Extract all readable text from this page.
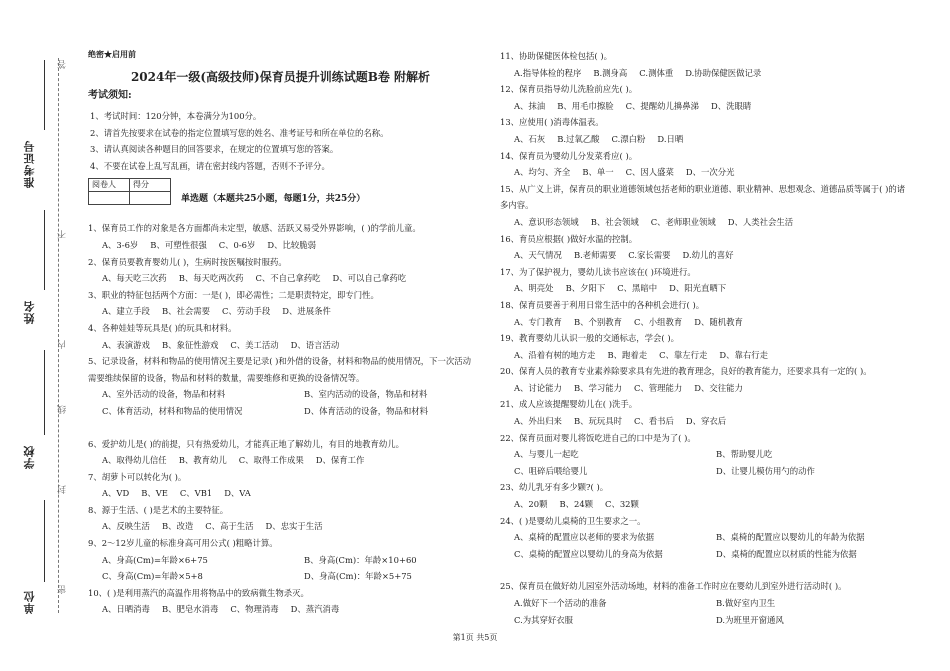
准考证号
姓名
学校
单位
答
不
内
线
封
密
绝密★启用前
2024年一级(高级技师)保育员提升训练试题B卷 附解析
考试须知:
1、考试时间：120分钟，本卷满分为100分。
2、请首先按要求在试卷的指定位置填写您的姓名、准考证号和所在单位的名称。
3、请认真阅读各种题目的回答要求，在规定的位置填写您的答案。
4、不要在试卷上乱写乱画，请在密封线内答题，否则不予评分。
阅卷人	得分

单选题（本题共25小题，每题1分，共25分）
1、保育员工作的对象是各方面都尚未定型，敏感、活跃又易受外界影响，( )的学前儿童。
A、3-6岁 B、可塑性很强 C、0-6岁 D、比较脆弱
2、保育员要教育婴幼儿( )，生病时按医嘱按时服药。
A、每天吃三次药 B、每天吃两次药 C、不自己拿药吃 D、可以自己拿药吃
3、职业的特征包括两个方面：一是( )，即必需性；二是职责特定，即专门性。
A、建立手段 B、社会需要 C、劳动手段 D、进展条件
4、各种娃娃等玩具是( )的玩具和材料。
A、表演游戏 B、象征性游戏 C、美工活动 D、语言活动
5、记录设备，材料和物品的使用情况主要是记录( )和外借的设备，材料和物品的使用情况，下一次活动需要维续保留的设备，物品和材料的数量，需要维修和更换的设备情况等。
A、室外活动的设备，物品和材料	B、室内活动的设备，物品和材料
C、体育活动，材料和物品的使用情况	D、体育活动的设备，物品和材料
6、爱护幼儿是( )的前提，只有热爱幼儿，才能真正地了解幼儿，有目的地教育幼儿。
A、取得幼儿信任 B、教育幼儿 C、取得工作成果 D、保育工作
7、胡萝卜可以转化为( )。
A、VD B、VE C、VB1 D、VA
8、源于生活、( )是艺术的主要特征。
A、反映生活 B、改造 C、高于生活 D、忠实于生活
9、2～12岁儿童的标准身高可用公式( )粗略计算。
A、身高(Cm)=年龄×6+75	B、身高(Cm)：年龄×10+60
C、身高(Cm)=年龄×5+8	D、身高(Cm)：年龄×5+75
10、( )是利用蒸汽的高温作用将物品中的致病微生物杀灭。
A、日晒消毒 B、肥皂水消毒 C、物理消毒 D、蒸汽消毒
11、协助保健医体检包括( )。
A.指导体检的程序 B.测身高 C.测体重 D.协助保健医做记录
12、保育员指导幼儿洗脸前应先( )。
A、抹油 B、用毛巾擦脸 C、提醒幼儿擤鼻涕 D、洗眼睛
13、应使用( )消毒体温表。
A、石灰 B.过氧乙酸 C.漂白粉 D.日晒
14、保育员为婴幼儿分发菜肴应( )。
A、均匀、齐全 B、单一 C、因人盛菜 D、一次分光
15、从广义上讲，保育员的职业道德领域包括老师的职业道德、职业精神、思想观念、道德品质等属于( )的诸多内容。
A、意识形态领域 B、社会领域 C、老师职业领域 D、人类社会生活
16、育员应根据( )做好水温的控制。
A、天气情况 B.老师需要 C.家长需要 D.幼儿的喜好
17、为了保护视力，婴幼儿读书应该在( )环境进行。
A、明亮处 B、夕阳下 C、黑暗中 D、阳光直晒下
18、保育员要善于利用日常生活中的各种机会进行( )。
A、专门教育 B、个别教育 C、小组教育 D、随机教育
19、教育婴幼儿认识一般的交通标志，学会( )。
A、沿着有树的地方走 B、跑着走 C、靠左行走 D、靠右行走
20、保育人员的教育专业素养除要求具有先进的教育理念，良好的教育能力，还要求具有一定的( )。
A、讨论能力 B、学习能力 C、管理能力 D、交往能力
21、成人应该提醒婴幼儿在( )洗手。
A、外出归来 B、玩玩具时 C、看书后 D、穿衣后
22、保育员面对婴儿将饭吃进自己的口中是为了( )。
A、与婴儿一起吃	B、帮助婴儿吃
C、咀碎后喂给婴儿	D、让婴儿模仿用勺的动作
23、幼儿乳牙有多少颗?( )。
A、20颗 B、24颗 C、32颗
24、( )是婴幼儿桌椅的卫生要求之一。
A、桌椅的配置应以老师的要求为依据	B、桌椅的配置应以婴幼儿的年龄为依据
C、桌椅的配置应以婴幼儿的身高为依据	D、桌椅的配置应以材质的性能为依据
25、保育员在做好幼儿园室外活动场地，材料的准备工作时应在婴幼儿到室外进行活动时( )。
A.做好下一个活动的准备	B.做好室内卫生
C.为其穿好衣服	D.为班里开窗通风
第1页 共5页
